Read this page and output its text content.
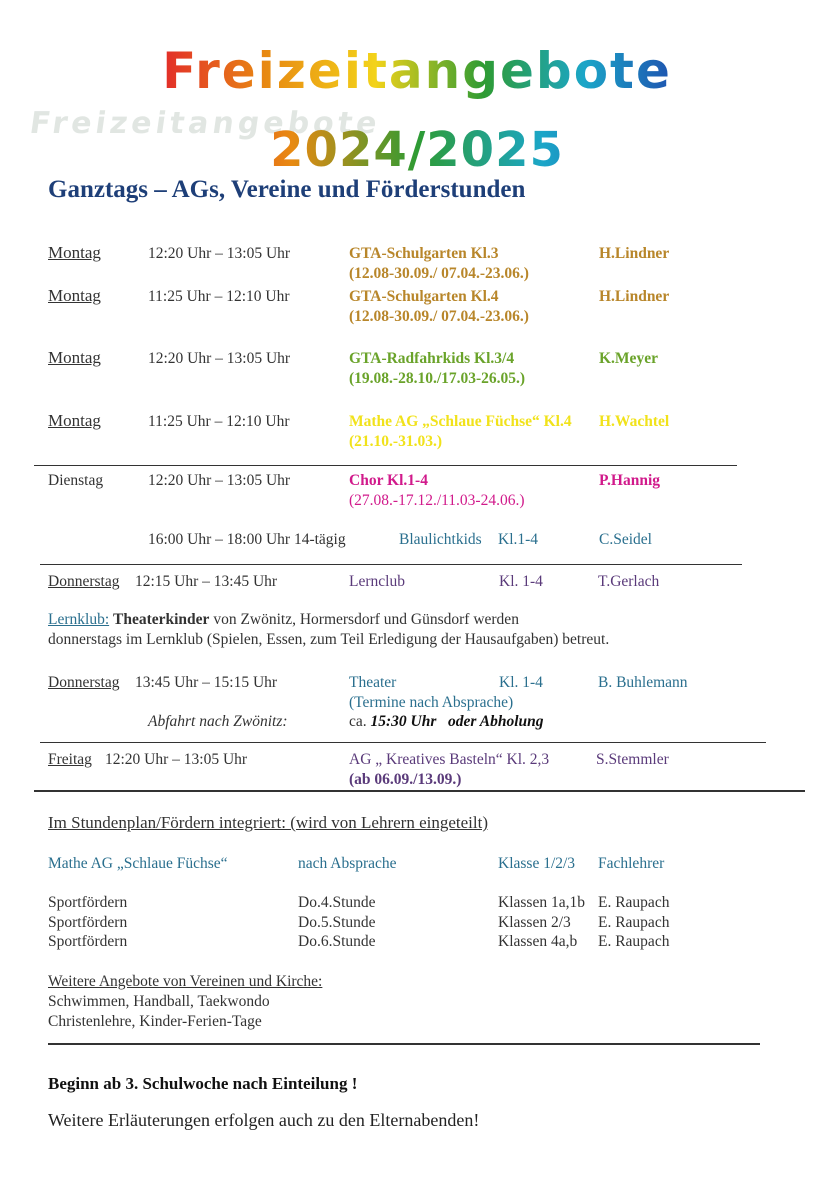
Freizeitangebote
2024/2025
Ganztags – AGs, Vereine und Förderstunden
Montag	12:20 Uhr – 13:05 Uhr	GTA-Schulgarten Kl.3	H.Lindner
(12.08-30.09./ 07.04.-23.06.)
Montag	11:25 Uhr – 12:10 Uhr	GTA-Schulgarten Kl.4	H.Lindner
(12.08-30.09./ 07.04.-23.06.)
Montag	12:20 Uhr – 13:05 Uhr	GTA-Radfahrkids Kl.3/4	K.Meyer
(19.08.-28.10./17.03-26.05.)
Montag	11:25 Uhr – 12:10 Uhr	Mathe AG „Schlaue Füchse“ Kl.4 H.Wachtel
(21.10.-31.03.)
Dienstag	12:20 Uhr – 13:05 Uhr	Chor Kl.1-4	P.Hannig
(27.08.-17.12./11.03-24.06.)
16:00 Uhr – 18:00 Uhr 14-tägig	Blaulichtkids Kl.1-4	C.Seidel
Donnerstag 12:15 Uhr – 13:45 Uhr	Lernclub	Kl. 1-4	T.Gerlach
Lernklub: Theaterkinder von Zwönitz, Hormersdorf und Günsdorf werden
donnerstags im Lernklub (Spielen, Essen, zum Teil Erledigung der Hausaufgaben) betreut.
Donnerstag 13:45 Uhr – 15:15 Uhr	Theater	Kl. 1-4	B. Buhlemann
(Termine nach Absprache)
Abfahrt nach Zwönitz:	ca. 15:30 Uhr oder Abholung
Freitag 12:20 Uhr – 13:05 Uhr	AG „ Kreatives Basteln“ Kl. 2,3	S.Stemmler
(ab 06.09./13.09.)
Im Stundenplan/Fördern integriert: (wird von Lehrern eingeteilt)
Mathe AG „Schlaue Füchse“	nach Absprache	Klasse 1/2/3 Fachlehrer
Sportfördern	Do.4.Stunde	Klassen 1a,1b E. Raupach
Sportfördern	Do.5.Stunde	Klassen 2/3 E. Raupach
Sportfördern	Do.6.Stunde	Klassen 4a,b E. Raupach
Weitere Angebote von Vereinen und Kirche:
Schwimmen, Handball, Taekwondo
Christenlehre, Kinder-Ferien-Tage
Beginn ab 3. Schulwoche nach Einteilung !
Weitere Erläuterungen erfolgen auch zu den Elternabenden!
